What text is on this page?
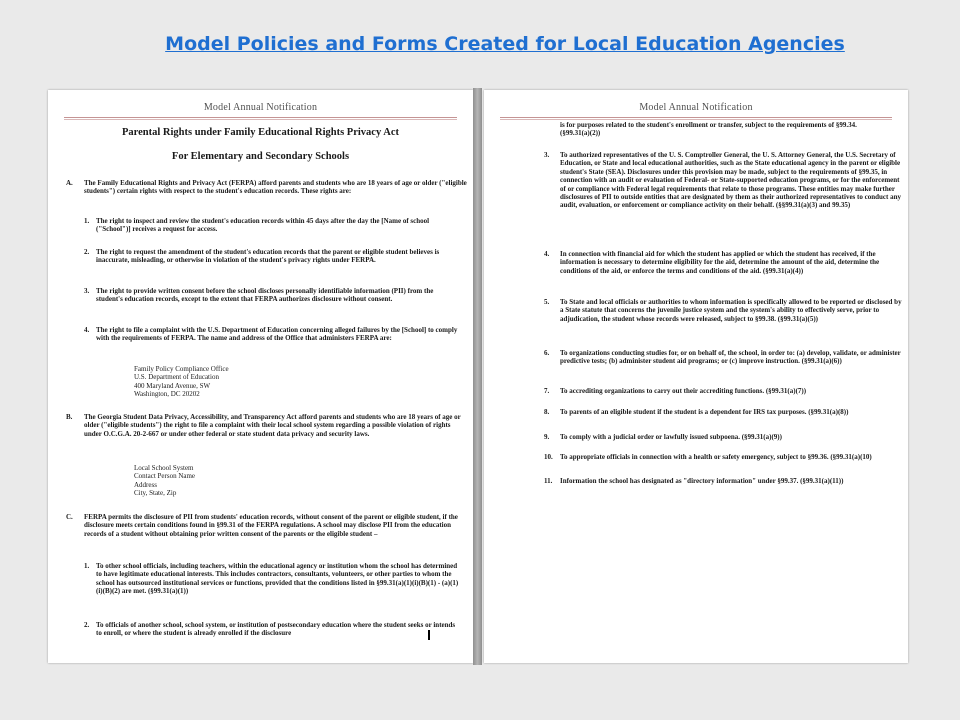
Model Policies and Forms Created for Local Education Agencies
Model Annual Notification
Parental Rights under Family Educational Rights Privacy Act
For Elementary and Secondary Schools
A. The Family Educational Rights and Privacy Act (FERPA) afford parents and students who are 18 years of age or older ("eligible students") certain rights with respect to the student's education records. These rights are:
1. The right to inspect and review the student's education records within 45 days after the day the [Name of school ("School")] receives a request for access.
2. The right to request the amendment of the student's education records that the parent or eligible student believes is inaccurate, misleading, or otherwise in violation of the student's privacy rights under FERPA.
3. The right to provide written consent before the school discloses personally identifiable information (PII) from the student's education records, except to the extent that FERPA authorizes disclosure without consent.
4. The right to file a complaint with the U.S. Department of Education concerning alleged failures by the [School] to comply with the requirements of FERPA. The name and address of the Office that administers FERPA are:
Family Policy Compliance Office
U.S. Department of Education
400 Maryland Avenue, SW
Washington, DC 20202
B. The Georgia Student Data Privacy, Accessibility, and Transparency Act afford parents and students who are 18 years of age or older ("eligible students") the right to file a complaint with their local school system regarding a possible violation of rights under O.C.G.A. 20-2-667 or under other federal or state student data privacy and security laws.
Local School System
Contact Person Name
Address
City, State, Zip
C. FERPA permits the disclosure of PII from students' education records, without consent of the parent or eligible student, if the disclosure meets certain conditions found in §99.31 of the FERPA regulations. A school may disclose PII from the education records of a student without obtaining prior written consent of the parents or the eligible student –
1. To other school officials, including teachers, within the educational agency or institution whom the school has determined to have legitimate educational interests. This includes contractors, consultants, volunteers, or other parties to whom the school has outsourced institutional services or functions, provided that the conditions listed in §99.31(a)(1)(i)(B)(1) - (a)(1)(i)(B)(2) are met. (§99.31(a)(1))
2. To officials of another school, school system, or institution of postsecondary education where the student seeks or intends to enroll, or where the student is already enrolled if the disclosure
Model Annual Notification
is for purposes related to the student's enrollment or transfer, subject to the requirements of §99.34. (§99.31(a)(2))
3. To authorized representatives of the U. S. Comptroller General, the U. S. Attorney General, the U.S. Secretary of Education, or State and local educational authorities, such as the State educational agency in the parent or eligible student's State (SEA). Disclosures under this provision may be made, subject to the requirements of §99.35, in connection with an audit or evaluation of Federal- or State-supported education programs, or for the enforcement of or compliance with Federal legal requirements that relate to those programs. These entities may make further disclosures of PII to outside entities that are designated by them as their authorized representatives to conduct any audit, evaluation, or enforcement or compliance activity on their behalf. (§§99.31(a)(3) and 99.35)
4. In connection with financial aid for which the student has applied or which the student has received, if the information is necessary to determine eligibility for the aid, determine the amount of the aid, determine the conditions of the aid, or enforce the terms and conditions of the aid. (§99.31(a)(4))
5. To State and local officials or authorities to whom information is specifically allowed to be reported or disclosed by a State statute that concerns the juvenile justice system and the system's ability to effectively serve, prior to adjudication, the student whose records were released, subject to §99.38. (§99.31(a)(5))
6. To organizations conducting studies for, or on behalf of, the school, in order to: (a) develop, validate, or administer predictive tests; (b) administer student aid programs; or (c) improve instruction. (§99.31(a)(6))
7. To accrediting organizations to carry out their accrediting functions. (§99.31(a)(7))
8. To parents of an eligible student if the student is a dependent for IRS tax purposes. (§99.31(a)(8))
9. To comply with a judicial order or lawfully issued subpoena. (§99.31(a)(9))
10. To appropriate officials in connection with a health or safety emergency, subject to §99.36. (§99.31(a)(10)
11. Information the school has designated as "directory information" under §99.37. (§99.31(a)(11))
